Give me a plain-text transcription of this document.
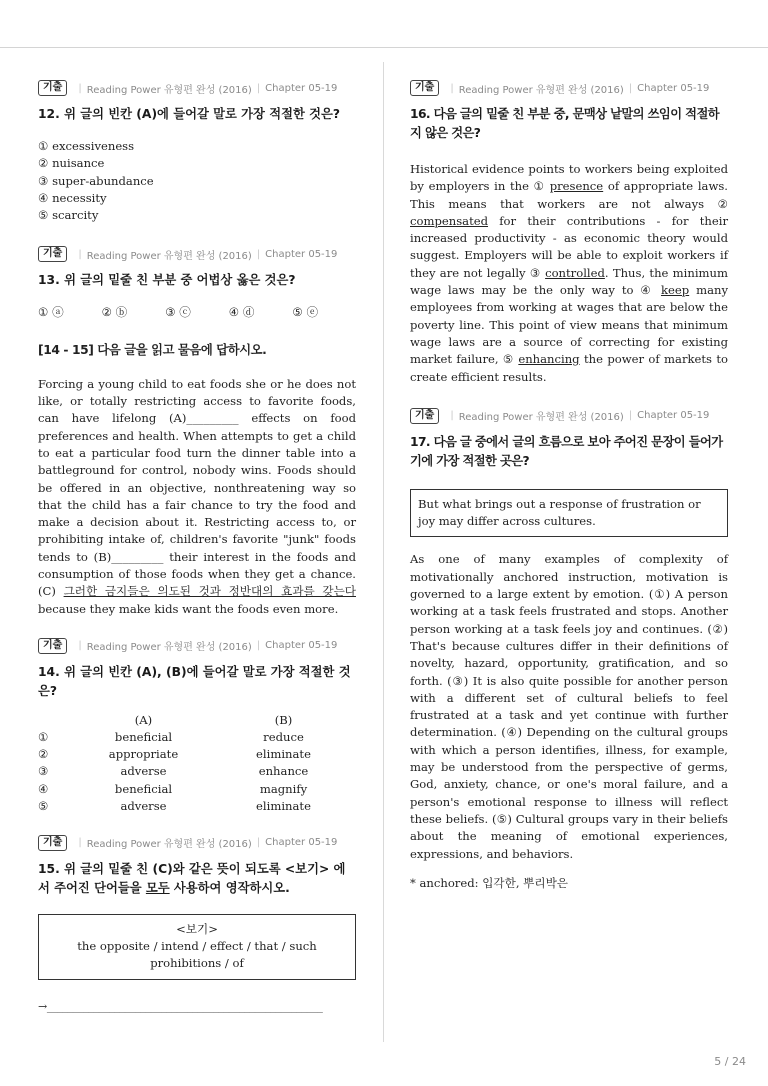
기출	| Reading Power 유형편 완성 (2016) | Chapter 05-19
12. 위 글의 빈칸 (A)에 들어갈 말로 가장 적절한 것은?
① excessiveness
② nuisance
③ super-abundance
④ necessity
⑤ scarcity
기출	| Reading Power 유형편 완성 (2016) | Chapter 05-19
13. 위 글의 밑줄 친 부분 중 어법상 옳은 것은?
① ⓐ	② ⓑ	③ ⓒ	④ ⓓ	⑤ ⓔ
[14 - 15] 다음 글을 읽고 물음에 답하시오.
Forcing a young child to eat foods she or he does not like, or totally restricting access to favorite foods, can have lifelong (A)_________ effects on food preferences and health. When attempts to get a child to eat a particular food turn the dinner table into a battleground for control, nobody wins. Foods should be offered in an objective, nonthreatening way so that the child has a fair chance to try the food and make a decision about it. Restricting access to, or prohibiting intake of, children's favorite "junk" foods tends to (B)_________ their interest in the foods and consumption of those foods when they get a chance. (C) 그러한 금지들은 의도된 것과 정반대의 효과를 갖는다 because they make kids want the foods even more.
기출	| Reading Power 유형편 완성 (2016) | Chapter 05-19
14. 위 글의 빈칸 (A), (B)에 들어갈 말로 가장 적절한 것은?
	(A)	(B)
①	beneficial	reduce
②	appropriate	eliminate
③	adverse	enhance
④	beneficial	magnify
⑤	adverse	eliminate
기출	| Reading Power 유형편 완성 (2016) | Chapter 05-19
15. 위 글의 밑줄 친 (C)와 같은 뜻이 되도록 <보기> 에서 주어진 단어들을 모두 사용하여 영작하시오.
<보기>
the opposite / intend / effect / that / such prohibitions / of
→_____________________________________________________
기출	| Reading Power 유형편 완성 (2016) | Chapter 05-19
16. 다음 글의 밑줄 친 부분 중, 문맥상 낱말의 쓰임이 적절하지 않은 것은?
Historical evidence points to workers being exploited by employers in the ① presence of appropriate laws. This means that workers are not always ② compensated for their contributions - for their increased productivity - as economic theory would suggest. Employers will be able to exploit workers if they are not legally ③ controlled. Thus, the minimum wage laws may be the only way to ④ keep many employees from working at wages that are below the poverty line. This point of view means that minimum wage laws are a source of correcting for existing market failure, ⑤ enhancing the power of markets to create efficient results.
기출	| Reading Power 유형편 완성 (2016) | Chapter 05-19
17. 다음 글 중에서 글의 흐름으로 보아 주어진 문장이 들어가기에 가장 적절한 곳은?
But what brings out a response of frustration or joy may differ across cultures.
As one of many examples of complexity of motivationally anchored instruction, motivation is governed to a large extent by emotion. (①) A person working at a task feels frustrated and stops. Another person working at a task feels joy and continues. (②) That's because cultures differ in their definitions of novelty, hazard, opportunity, gratification, and so forth. (③) It is also quite possible for another person with a different set of cultural beliefs to feel frustrated at a task and yet continue with further determination. (④) Depending on the cultural groups with which a person identifies, illness, for example, may be understood from the perspective of germs, God, anxiety, chance, or one's moral failure, and a person's emotional response to illness will reflect these beliefs. (⑤) Cultural groups vary in their beliefs about the meaning of emotional experiences, expressions, and behaviors.
* anchored: 입각한, 뿌리박은
5 / 24
